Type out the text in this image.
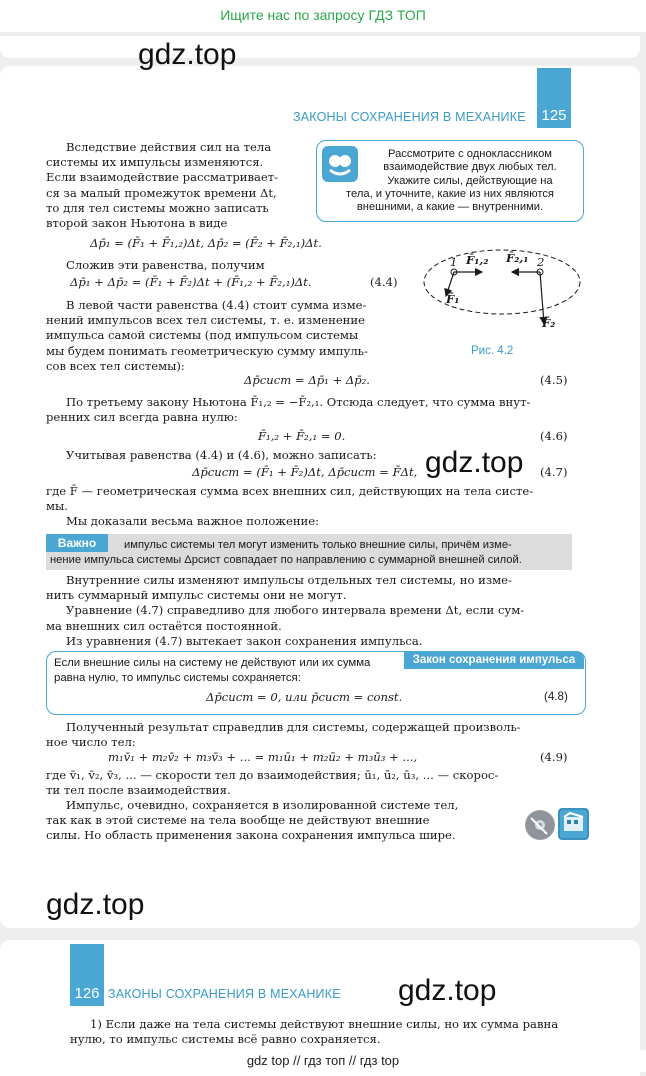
Ищите нас по запросу ГДЗ ТОП
gdz.top
ЗАКОНЫ СОХРАНЕНИЯ В МЕХАНИКЕ 125
Вследствие действия сил на тела
системы их импульсы изменяются.
Если взаимодействие рассматривает-
ся за малый промежуток времени Δt,
то для тел системы можно записать
второй закон Ньютона в виде
Рассмотрите с одноклассником
взаимодействие двух любых тел.
Укажите силы, действующие на
тела, и уточните, какие из них являются
внешними, а какие — внутренними.
Δp̄₁ = (F̄₁ + F̄₁,₂)Δt, Δp̄₂ = (F̄₂ + F̄₂,₁)Δt.
Сложив эти равенства, получим
Δp̄₁ + Δp̄₂ = (F̄₁ + F̄₂)Δt + (F̄₁,₂ + F̄₂,₁)Δt.	(4.4)
1	2
F̄₁,₂ F̄₂,₁
F̄₁
F̄₂
Рис. 4.2
В левой части равенства (4.4) стоит сумма изме-
нений импульсов всех тел системы, т. е. изменение
импульса самой системы (под импульсом системы
мы будем понимать геометрическую сумму импуль-
сов всех тел системы):
Δp̄сист = Δp̄₁ + Δp̄₂.	(4.5)
По третьему закону Ньютона F̄₁,₂ = −F̄₂,₁. Отсюда следует, что сумма внут-
ренних сил всегда равна нулю:
F̄₁,₂ + F̄₂,₁ = 0.	(4.6)
Учитывая равенства (4.4) и (4.6), можно записать:
Δp̄сист = (F̄₁ + F̄₂)Δt, Δp̄сист = F̄Δt,	(4.7)
gdz.top
где F̄ — геометрическая сумма всех внешних сил, действующих на тела систе-
мы.
Мы доказали весьма важное положение:
Важно	импульс системы тел могут изменить только внешние силы, причём изме-
нение импульса системы Δpсист совпадает по направлению с суммарной внешней силой.
Внутренние силы изменяют импульсы отдельных тел системы, но изме-
нить суммарный импульс системы они не могут.
Уравнение (4.7) справедливо для любого интервала времени Δt, если сум-
ма внешних сил остаётся постоянной.
Из уравнения (4.7) вытекает закон сохранения импульса.
Закон сохранения импульса
Если внешние силы на систему не действуют или их сумма
равна нулю, то импульс системы сохраняется:
Δp̄сист = 0, или p̄сист = const.	(4.8)
Полученный результат справедлив для системы, содержащей произволь-
ное число тел:
m₁v̄₁ + m₂v̄₂ + m₃v̄₃ + ... = m₁ū₁ + m₂ū₂ + m₃ū₃ + ...,	(4.9)
где v̄₁, v̄₂, v̄₃, ... — скорости тел до взаимодействия; ū₁, ū₂, ū₃, ... — скорос-
ти тел после взаимодействия.
Импульс, очевидно, сохраняется в изолированной системе тел,
так как в этой системе на тела вообще не действуют внешние
силы. Но область применения закона сохранения импульса шире.
gdz.top
126 ЗАКОНЫ СОХРАНЕНИЯ В МЕХАНИКЕ gdz.top
1) Если даже на тела системы действуют внешние силы, но их сумма равна
нулю, то импульс системы всё равно сохраняется.
gdz top // гдз топ // гдз top
